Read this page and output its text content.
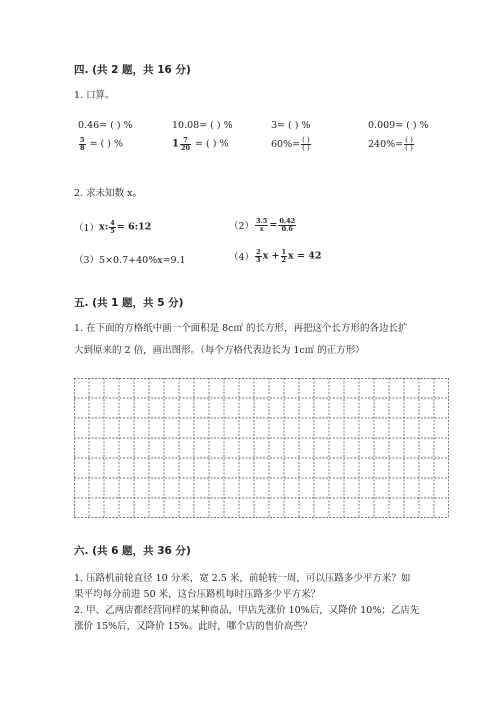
四. (共 2 题，共 16 分)
1. 口算。
0.46= ( ) %	10.08= ( ) %	3= ( ) %	0.009= ( ) %
$\frac{5}{8}$ = ( ) %	$1 \frac{7}{20}$ = ( ) %	$60\%= \frac{( )}{( )}$	$240\%= \frac{( )}{( )}$
2. 求未知数 x。
（1）x: $\frac{4}{5}$ = 6:12	$(2) \frac{3.5}{x} = \frac{0.42}{0.6}$
（3）5×0.7+40%x=9.1	$(4) \frac{2}{3}$ $x + \frac{1}{2}$ x = 42
五. (共 1 题，共 5 分)
1. 在下面的方格纸中画一个面积是 8c㎡ 的长方形，再把这个长方形的各边长扩
大到原来的 2 倍，画出图形。（每个方格代表边长为 1c㎡ 的正方形）
六. (共 6 题，共 36 分)
1. 压路机前轮直径 10 分米，宽 2.5 米，前轮转一周，可以压路多少平方米？如
果平均每分前进 50 米，这台压路机每时压路多少平方米？
2. 甲、乙两店都经营同样的某种商品，甲店先涨价 10%后，又降价 10%；乙店先
涨价 15%后，又降价 15%。此时，哪个店的售价高些？
